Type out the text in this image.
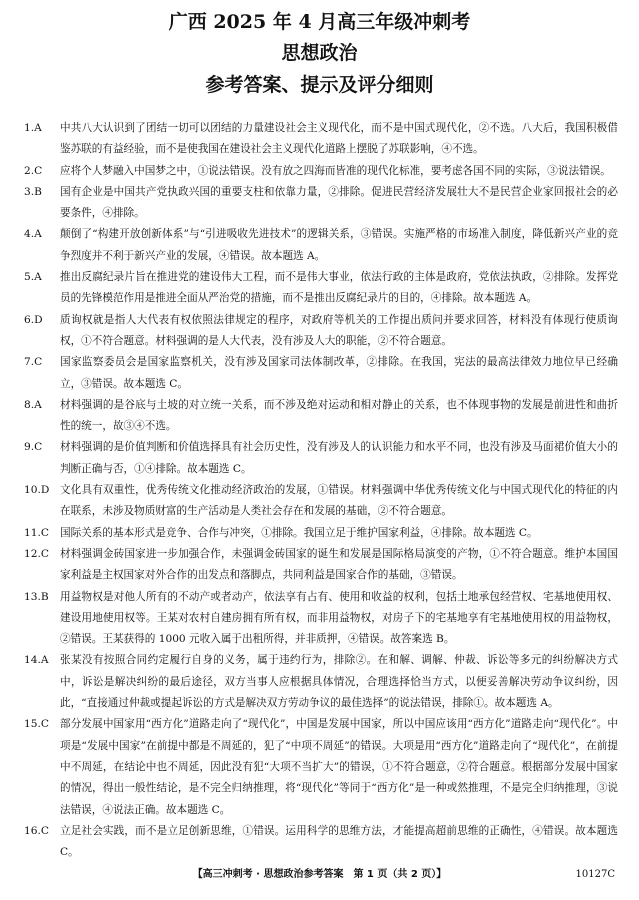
广西 2025 年 4 月高三年级冲刺考
思想政治
参考答案、提示及评分细则
1.A	中共八大认识到了团结一切可以团结的力量建设社会主义现代化，而不是中国式现代化，②不选。八大后，我国积极借鉴苏联的有益经验，而不是使我国在建设社会主义现代化道路上摆脱了苏联影响，④不选。
2.C	应将个人梦融入中国梦之中，①说法错误。没有放之四海而皆准的现代化标准，要考虑各国不同的实际，③说法错误。
3.B	国有企业是中国共产党执政兴国的重要支柱和依靠力量，②排除。促进民营经济发展壮大不是民营企业家回报社会的必要条件，④排除。
4.A	颠倒了“构建开放创新体系”与“引进吸收先进技术”的逻辑关系，③错误。实施严格的市场准入制度，降低新兴产业的竞争烈度并不利于新兴产业的发展，④错误。故本题选 A。
5.A	推出反腐纪录片旨在推进党的建设伟大工程，而不是伟大事业，依法行政的主体是政府，党依法执政，②排除。发挥党员的先锋模范作用是推进全面从严治党的措施，而不是推出反腐纪录片的目的，④排除。故本题选 A。
6.D	质询权就是指人大代表有权依照法律规定的程序，对政府等机关的工作提出质问并要求回答，材料没有体现行使质询权，①不符合题意。材料强调的是人大代表，没有涉及人大的职能，②不符合题意。
7.C	国家监察委员会是国家监察机关，没有涉及国家司法体制改革，②排除。在我国，宪法的最高法律效力地位早已经确立，③错误。故本题选 C。
8.A	材料强调的是谷底与土坡的对立统一关系，而不涉及绝对运动和相对静止的关系，也不体现事物的发展是前进性和曲折性的统一，故③④不选。
9.C	材料强调的是价值判断和价值选择具有社会历史性，没有涉及人的认识能力和水平不同，也没有涉及马面裙价值大小的判断正确与否，①④排除。故本题选 C。
10.D	文化具有双重性，优秀传统文化推动经济政治的发展，①错误。材料强调中华优秀传统文化与中国式现代化的特征的内在联系，未涉及物质财富的生产活动是人类社会存在和发展的基础，②不符合题意。
11.C	国际关系的基本形式是竞争、合作与冲突，①排除。我国立足于维护国家利益，④排除。故本题选 C。
12.C	材料强调金砖国家进一步加强合作，未强调金砖国家的诞生和发展是国际格局演变的产物，①不符合题意。维护本国国家利益是主权国家对外合作的出发点和落脚点，共同利益是国家合作的基础，③错误。
13.B	用益物权是对他人所有的不动产或者动产，依法享有占有、使用和收益的权利，包括土地承包经营权、宅基地使用权、建设用地使用权等。王某对农村自建房拥有所有权，而非用益物权，对房子下的宅基地享有宅基地使用权的用益物权，②错误。王某获得的 1000 元收入属于出租所得，并非质押，④错误。故答案选 B。
14.A	张某没有按照合同约定履行自身的义务，属于违约行为，排除②。在和解、调解、仲裁、诉讼等多元的纠纷解决方式中，诉讼是解决纠纷的最后途径，双方当事人应根据具体情况，合理选择恰当方式，以便妥善解决劳动争议纠纷，因此，“直接通过仲裁或提起诉讼的方式是解决双方劳动争议的最佳选择”的说法错误，排除①。故本题选 A。
15.C	部分发展中国家用“西方化”道路走向了“现代化”，中国是发展中国家，所以中国应该用“西方化”道路走向“现代化”。中项是“发展中国家”在前提中都是不周延的，犯了“中项不周延”的错误。大项是用“西方化”道路走向了“现代化”，在前提中不周延，在结论中也不周延，因此没有犯“大项不当扩大”的错误，①不符合题意，②符合题意。根据部分发展中国家的情况，得出一般性结论，是不完全归纳推理，将“现代化”等同于“西方化”是一种或然推理，不是完全归纳推理，③说法错误，④说法正确。故本题选 C。
16.C	立足社会实践，而不是立足创新思维，①错误。运用科学的思维方法，才能提高超前思维的正确性，④错误。故本题选 C。
【高三冲刺考 · 思想政治参考答案　第 1 页（共 2 页）】	10127C
